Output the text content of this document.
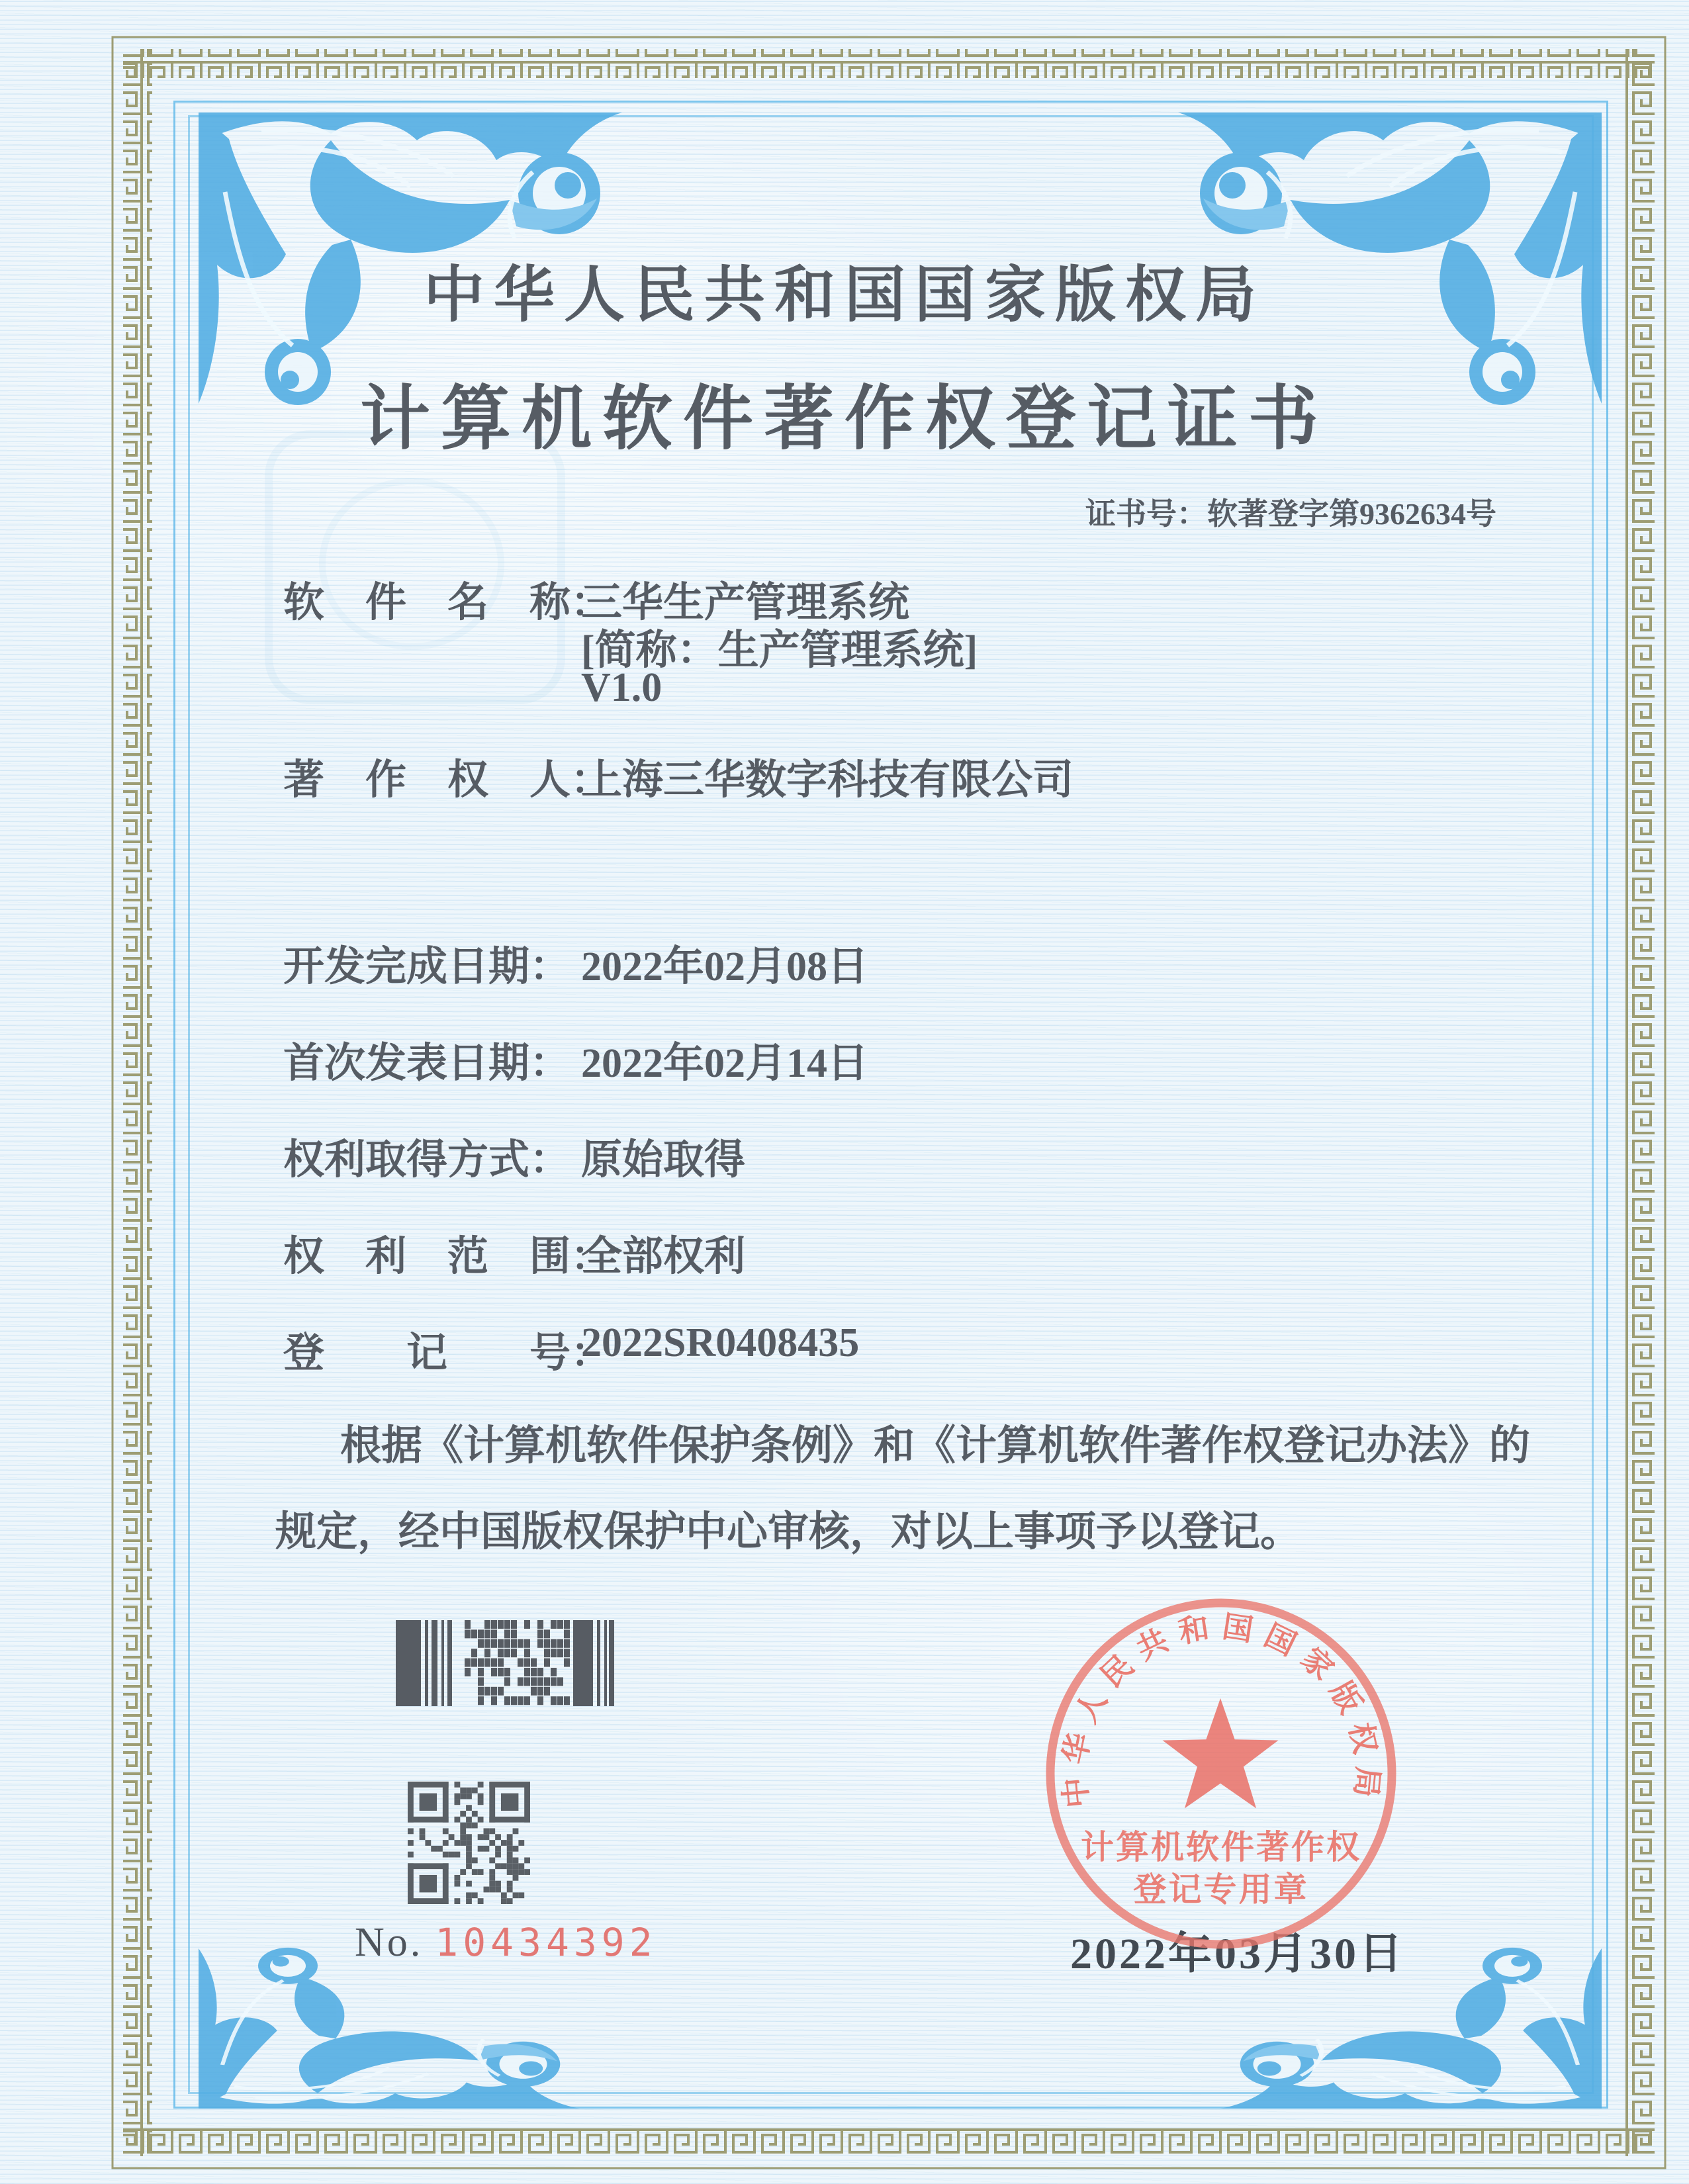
中华人民共和国国家版权局
计算机软件著作权登记证书
证书号：软著登字第9362634号
软　件　名　称：
三华生产管理系统
[简称：生产管理系统]
V1.0
著　作　权　人：
上海三华数字科技有限公司
开发完成日期： 2022年02月08日
首次发表日期： 2022年02月14日
权利取得方式： 原始取得
权　利　范　围：
全部权利
登　　记　　号：
2022SR0408435
根据《计算机软件保护条例》和《计算机软件著作权登记办法》的
规定，经中国版权保护中心审核，对以上事项予以登记。
No. 10434392	2022年03月30日
中华人民共和国国家版权局
计算机软件著作权
登记专用章
